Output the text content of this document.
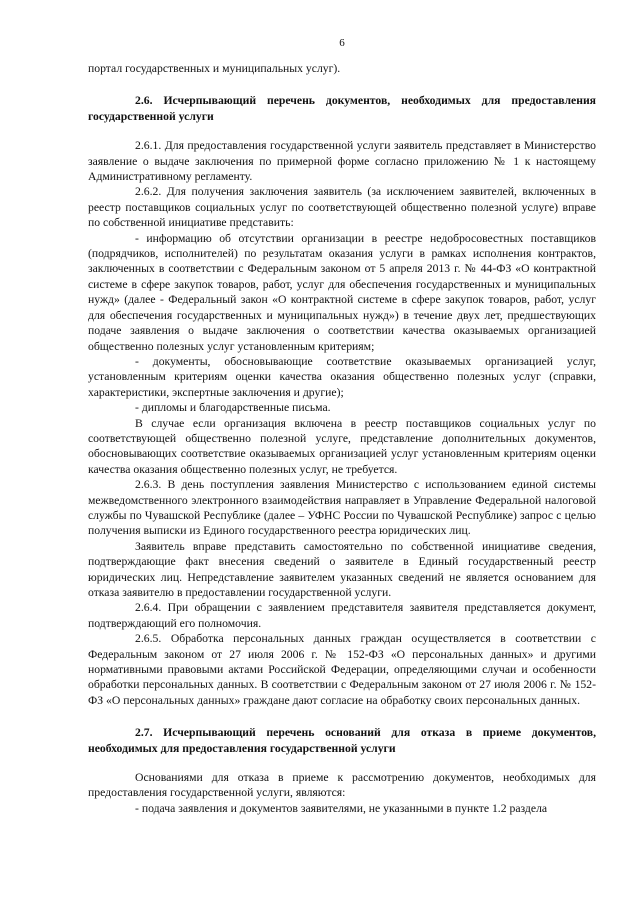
6

портал государственных и муниципальных услуг).

2.6. Исчерпывающий перечень документов, необходимых для предоставления государственной услуги

2.6.1. Для предоставления государственной услуги заявитель представляет в Министерство заявление о выдаче заключения по примерной форме согласно приложению № 1 к настоящему Административному регламенту.

2.6.2. Для получения заключения заявитель (за исключением заявителей, включенных в реестр поставщиков социальных услуг по соответствующей общественно полезной услуге) вправе по собственной инициативе представить:

- информацию об отсутствии организации в реестре недобросовестных поставщиков (подрядчиков, исполнителей) по результатам оказания услуги в рамках исполнения контрактов, заключенных в соответствии с Федеральным законом от 5 апреля 2013 г. № 44-ФЗ «О контрактной системе в сфере закупок товаров, работ, услуг для обеспечения государственных и муниципальных нужд» (далее - Федеральный закон «О контрактной системе в сфере закупок товаров, работ, услуг для обеспечения государственных и муниципальных нужд») в течение двух лет, предшествующих подаче заявления о выдаче заключения о соответствии качества оказываемых организацией общественно полезных услуг установленным критериям;

- документы, обосновывающие соответствие оказываемых организацией услуг, установленным критериям оценки качества оказания общественно полезных услуг (справки, характеристики, экспертные заключения и другие);

- дипломы и благодарственные письма.

В случае если организация включена в реестр поставщиков социальных услуг по соответствующей общественно полезной услуге, представление дополнительных документов, обосновывающих соответствие оказываемых организацией услуг установленным критериям оценки качества оказания общественно полезных услуг, не требуется.

2.6.3. В день поступления заявления Министерство с использованием единой системы межведомственного электронного взаимодействия направляет в Управление Федеральной налоговой службы по Чувашской Республике (далее – УФНС России по Чувашской Республике) запрос с целью получения выписки из Единого государственного реестра юридических лиц.

Заявитель вправе представить самостоятельно по собственной инициативе сведения, подтверждающие факт внесения сведений о заявителе в Единый государственный реестр юридических лиц. Непредставление заявителем указанных сведений не является основанием для отказа заявителю в предоставлении государственной услуги.

2.6.4. При обращении с заявлением представителя заявителя представляется документ, подтверждающий его полномочия.

2.6.5. Обработка персональных данных граждан осуществляется в соответствии с Федеральным законом от 27 июля 2006 г. № 152-ФЗ «О персональных данных» и другими нормативными правовыми актами Российской Федерации, определяющими случаи и особенности обработки персональных данных. В соответствии с Федеральным законом от 27 июля 2006 г. № 152-ФЗ «О персональных данных» граждане дают согласие на обработку своих персональных данных.

2.7. Исчерпывающий перечень оснований для отказа в приеме документов, необходимых для предоставления государственной услуги

Основаниями для отказа в приеме к рассмотрению документов, необходимых для предоставления государственной услуги, являются:

- подача заявления и документов заявителями, не указанными в пункте 1.2 раздела
